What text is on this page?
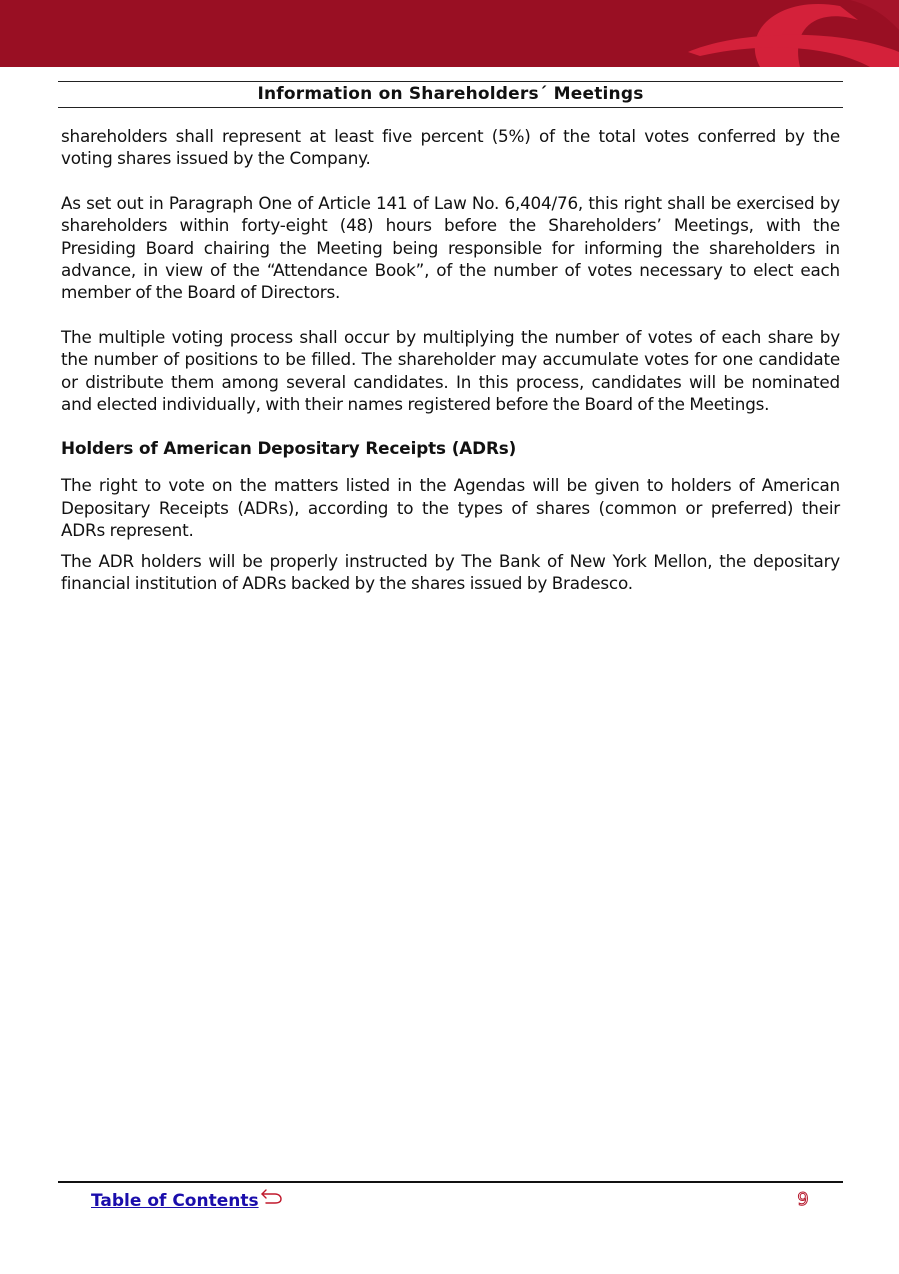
Information on Shareholders´ Meetings

shareholders shall represent at least five percent (5%) of the total votes conferred by the voting shares issued by the Company.

As set out in Paragraph One of Article 141 of Law No. 6,404/76, this right shall be exercised by shareholders within forty-eight (48) hours before the Shareholders’ Meetings, with the Presiding Board chairing the Meeting being responsible for informing the shareholders in advance, in view of the “Attendance Book”, of the number of votes necessary to elect each member of the Board of Directors.

The multiple voting process shall occur by multiplying the number of votes of each share by the number of positions to be filled. The shareholder may accumulate votes for one candidate or distribute them among several candidates. In this process, candidates will be nominated and elected individually, with their names registered before the Board of the Meetings.

Holders of American Depositary Receipts (ADRs)

The right to vote on the matters listed in the Agendas will be given to holders of American Depositary Receipts (ADRs), according to the types of shares (common or preferred) their ADRs represent.

The ADR holders will be properly instructed by The Bank of New York Mellon, the depositary financial institution of ADRs backed by the shares issued by Bradesco.

Table of Contents	9
